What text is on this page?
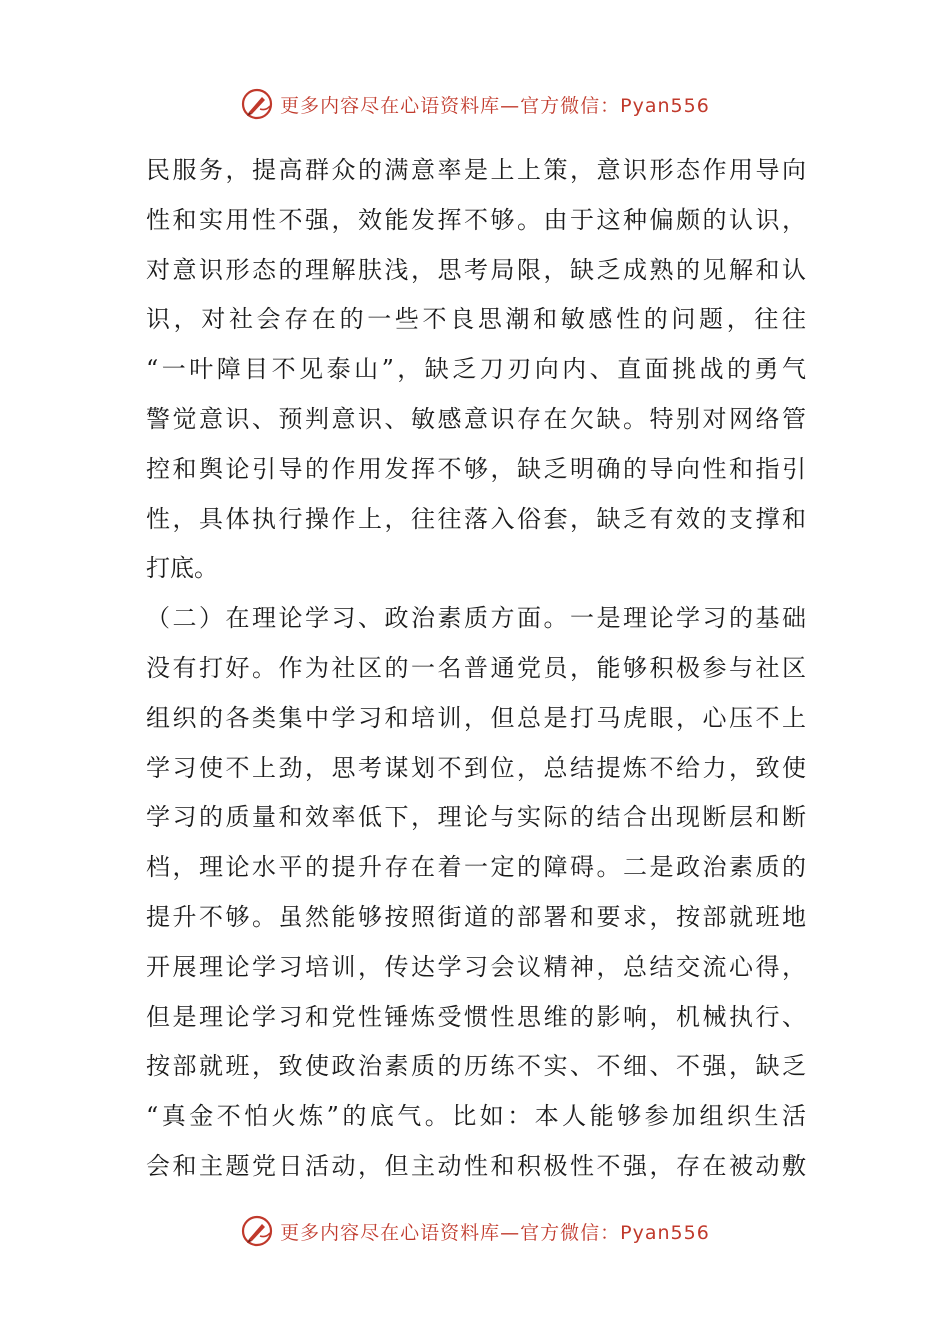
更多内容尽在心语资料库—官方微信：Pyan556
民服务，提高群众的满意率是上上策，意识形态作用导向
性和实用性不强，效能发挥不够。由于这种偏颇的认识，
对意识形态的理解肤浅，思考局限，缺乏成熟的见解和认
识，对社会存在的一些不良思潮和敏感性的问题，往往
“一叶障目不见泰山”，缺乏刀刃向内、直面挑战的勇气
警觉意识、预判意识、敏感意识存在欠缺。特别对网络管
控和舆论引导的作用发挥不够，缺乏明确的导向性和指引
性，具体执行操作上，往往落入俗套，缺乏有效的支撑和
打底。
（二）在理论学习、政治素质方面。一是理论学习的基础
没有打好。作为社区的一名普通党员，能够积极参与社区
组织的各类集中学习和培训，但总是打马虎眼，心压不上
学习使不上劲，思考谋划不到位，总结提炼不给力，致使
学习的质量和效率低下，理论与实际的结合出现断层和断
档，理论水平的提升存在着一定的障碍。二是政治素质的
提升不够。虽然能够按照街道的部署和要求，按部就班地
开展理论学习培训，传达学习会议精神，总结交流心得，
但是理论学习和党性锤炼受惯性思维的影响，机械执行、
按部就班，致使政治素质的历练不实、不细、不强，缺乏
“真金不怕火炼”的底气。比如：本人能够参加组织生活
会和主题党日活动，但主动性和积极性不强，存在被动敷
更多内容尽在心语资料库—官方微信：Pyan556
